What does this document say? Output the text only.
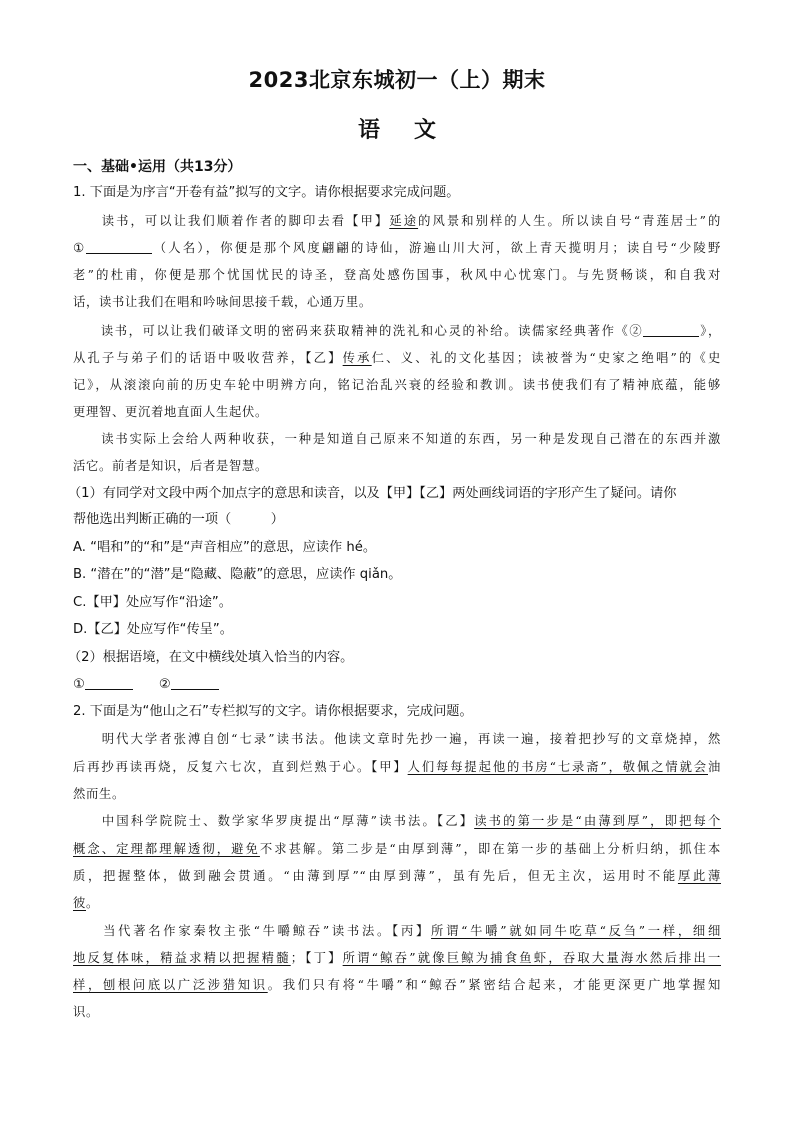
2023北京东城初一（上）期末
语文
一、基础•运用（共13分）
1. 下面是为序言“开卷有益”拟写的文字。请你根据要求完成问题。
　　读书，可以让我们顺着作者的脚印去看【甲】延途的风景和别样的人生。所以读自号“青莲居士”的
①	（人名），你便是那个风度翩翩的诗仙，游遍山川大河，欲上青天揽明月；读自号“少陵野
老”的杜甫，你便是那个忧国忧民的诗圣，登高处感伤国事，秋风中心忧寒门。与先贤畅谈，和自我对
话，读书让我们在唱和吟咏间思接千载，心通万里。
　　读书，可以让我们破译文明的密码来获取精神的洗礼和心灵的补给。读儒家经典著作《②	》，
从孔子与弟子们的话语中吸收营养，【乙】传承仁、义、礼的文化基因；读被誉为“史家之绝唱”的《史
记》，从滚滚向前的历史车轮中明辨方向，铭记治乱兴衰的经验和教训。读书使我们有了精神底蕴，能够
更理智、更沉着地直面人生起伏。
　　读书实际上会给人两种收获，一种是知道自己原来不知道的东西，另一种是发现自己潜在的东西并激
活它。前者是知识，后者是智慧。
（1）有同学对文段中两个加点字的意思和读音，以及【甲】【乙】两处画线词语的字形产生了疑问。请你
帮他选出判断正确的一项（　　　）
A. “唱和”的“和”是“声音相应”的意思，应读作 hé。
B. “潜在”的“潜”是“隐藏、隐蔽”的意思，应读作 qiǎn。
C.【甲】处应写作“沿途”。
D.【乙】处应写作“传呈”。
（2）根据语境，在文中横线处填入恰当的内容。
①	②
2. 下面是为“他山之石”专栏拟写的文字。请你根据要求，完成问题。
　　明代大学者张溥自创“七录”读书法。他读文章时先抄一遍，再读一遍，接着把抄写的文章烧掉，然
后再抄再读再烧，反复六七次，直到烂熟于心。【甲】人们每每提起他的书房“七录斋”，敬佩之情就会油
然而生。
　　中国科学院院士、数学家华罗庚提出“厚薄”读书法。【乙】读书的第一步是“由薄到厚”，即把每个
概念、定理都理解透彻，避免不求甚解。第二步是“由厚到薄”，即在第一步的基础上分析归纳，抓住本
质，把握整体，做到融会贯通。“由薄到厚”“由厚到薄”，虽有先后，但无主次，运用时不能厚此薄
彼。
　　当代著名作家秦牧主张“牛嚼鲸吞”读书法。【丙】所谓“牛嚼”就如同牛吃草“反刍”一样，细细
地反复体味，精益求精以把握精髓；【丁】所谓“鲸吞”就像巨鲸为捕食鱼虾，吞取大量海水然后排出一
样，刨根问底以广泛涉猎知识。我们只有将“牛嚼”和“鲸吞”紧密结合起来，才能更深更广地掌握知
识。
